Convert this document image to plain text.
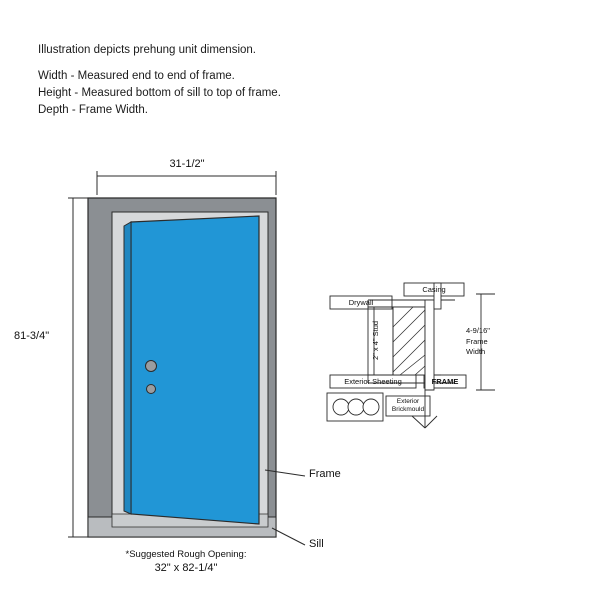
Illustration depicts prehung unit dimension.
Width - Measured end to end of frame.
Height - Measured bottom of sill to top of frame.
Depth - Frame Width.
31-1/2"
81-3/4"
Frame
Sill
*Suggested Rough Opening:
32" x 82-1/4"
Casing
Drywall
2" x 4" Stud
Exterior Sheeting	FRAME
Exterior
Brickmould
4-9/16"
Frame
Width
